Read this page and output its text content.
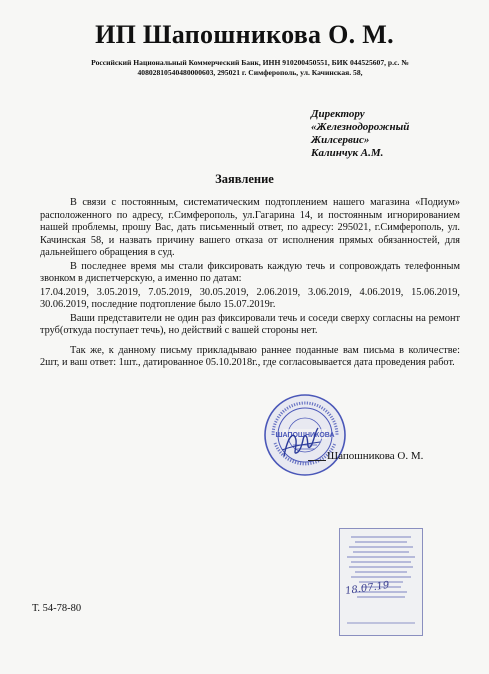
ИП Шапошникова О. М.
Российский Национальный Коммерческий Банк, ИНН 910200450551, БИК 044525607, р.с. №
40802810540480000603, 295021 г. Симферополь, ул. Качинская. 58,
Директору
«Железнодорожный
Жилсервис»
Калинчук А.М.
Заявление

В связи с постоянным, систематическим подтоплением нашего магазина «Подиум» расположенного по адресу, г.Симферополь, ул.Гагарина 14, и постоянным игнорированием нашей проблемы, прошу Вас, дать письменный ответ, по адресу: 295021, г.Симферополь, ул. Качинская 58, и назвать причину вашего отказа от исполнения прямых обязанностей, для дальнейшего обращения в суд.

В последнее время мы стали фиксировать каждую течь и сопровождать телефонным звонком в диспетчерскую, а именно по датам:

17.04.2019, 3.05.2019, 7.05.2019, 30.05.2019, 2.06.2019, 3.06.2019, 4.06.2019, 15.06.2019, 30.06.2019, последние подтопление было 15.07.2019г.

Ваши представители не один раз фиксировали течь и соседи сверху согласны на ремонт труб(откуда поступает течь), но действий с вашей стороны нет.

Так же, к данному письму прикладываю раннее поданные вам письма в количестве: 2шт, и ваш ответ: 1шт., датированное 05.10.2018г., где согласовывается дата проведения работ.

ШАПОШНИКОВА
Шапошникова О. М.
18.07.19
Т. 54-78-80
